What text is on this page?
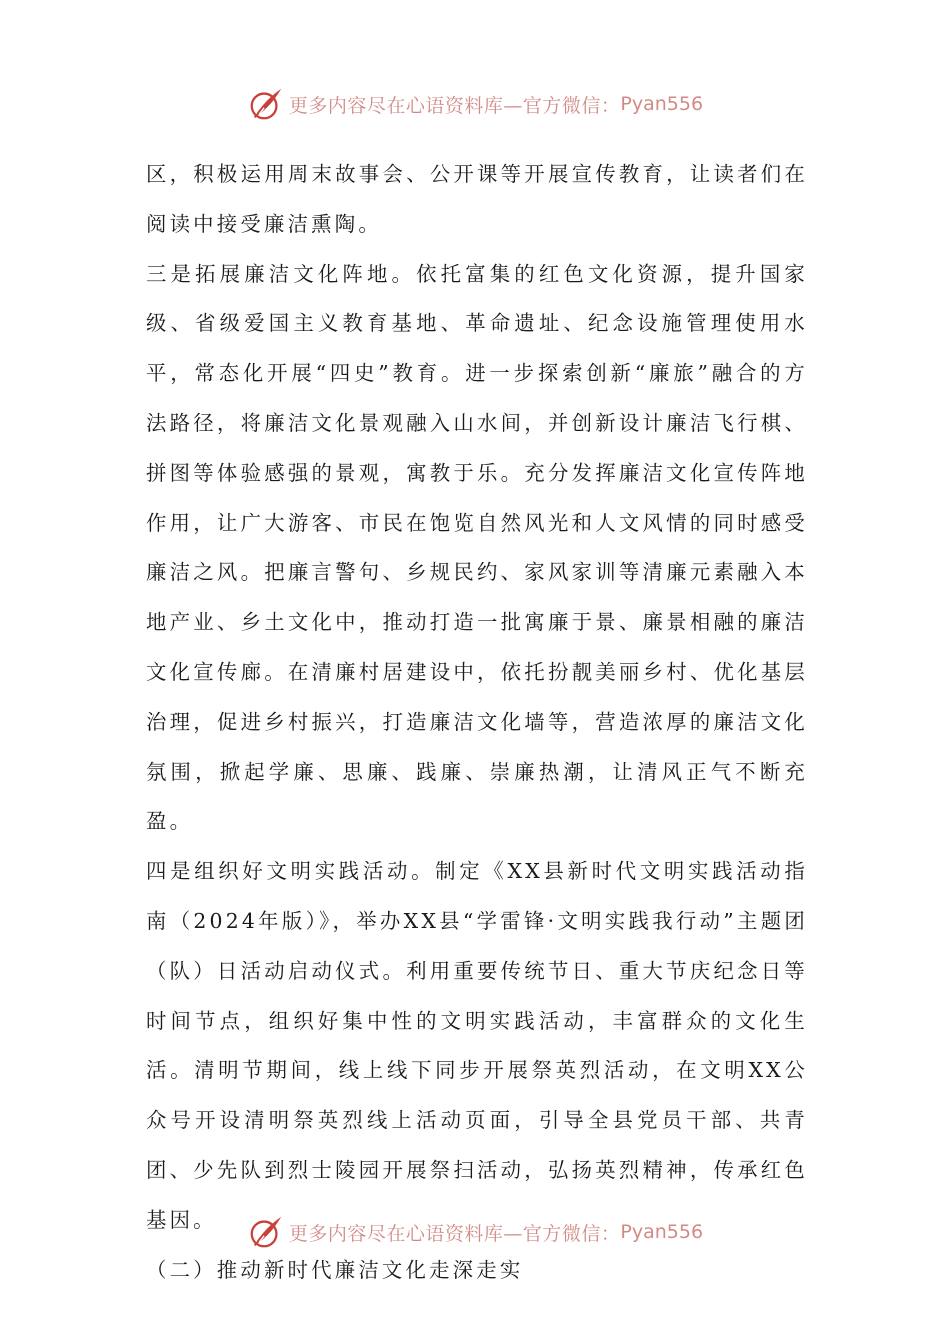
更多内容尽在心语资料库—官方微信： Pyan556

区，积极运用周末故事会、公开课等开展宣传教育，让读者们在阅读中接受廉洁熏陶。

三是拓展廉洁文化阵地。依托富集的红色文化资源，提升国家级、省级爱国主义教育基地、革命遗址、纪念设施管理使用水平，常态化开展“四史”教育。进一步探索创新“廉旅”融合的方法路径，将廉洁文化景观融入山水间，并创新设计廉洁飞行棋、拼图等体验感强的景观，寓教于乐。充分发挥廉洁文化宣传阵地作用，让广大游客、市民在饱览自然风光和人文风情的同时感受廉洁之风。把廉言警句、乡规民约、家风家训等清廉元素融入本地产业、乡土文化中，推动打造一批寓廉于景、廉景相融的廉洁文化宣传廊。在清廉村居建设中，依托扮靓美丽乡村、优化基层治理，促进乡村振兴，打造廉洁文化墙等，营造浓厚的廉洁文化氛围，掀起学廉、思廉、践廉、崇廉热潮，让清风正气不断充盈。

四是组织好文明实践活动。制定《XX县新时代文明实践活动指南（2024年版）》，举办XX县“学雷锋·文明实践我行动”主题团（队）日活动启动仪式。利用重要传统节日、重大节庆纪念日等时间节点，组织好集中性的文明实践活动，丰富群众的文化生活。清明节期间，线上线下同步开展祭英烈活动，在文明XX公众号开设清明祭英烈线上活动页面，引导全县党员干部、共青团、少先队到烈士陵园开展祭扫活动，弘扬英烈精神，传承红色基因。

（二）推动新时代廉洁文化走深走实

更多内容尽在心语资料库—官方微信： Pyan556
